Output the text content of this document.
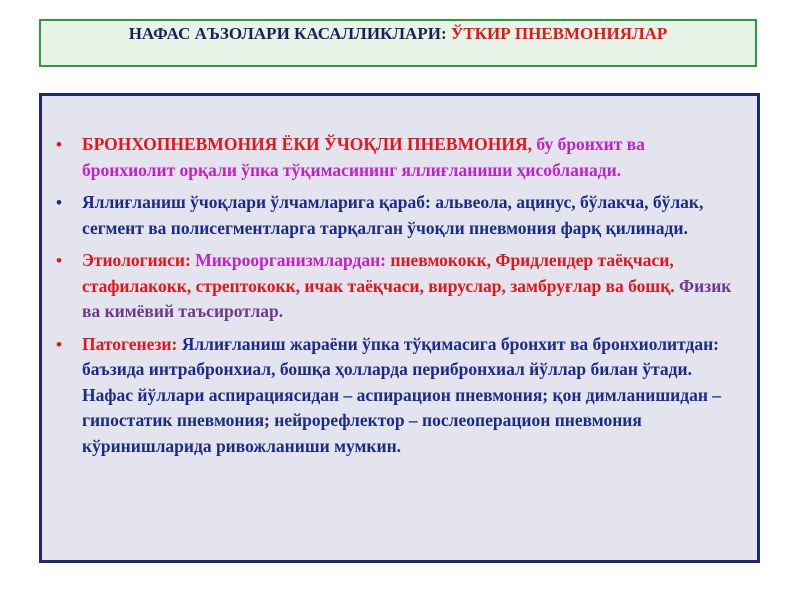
НАФАС АЪЗОЛАРИ КАСАЛЛИКЛАРИ: ЎТКИР ПНЕВМОНИЯЛАР
• БРОНХОПНЕВМОНИЯ ЁКИ ЎЧОҚЛИ ПНЕВМОНИЯ, бу бронхит ва бронхиолит орқали ўпка тўқимасининг яллиғланиши ҳисобланади.
• Яллиғланиш ўчоқлари ўлчамларига қараб: альвеола, ацинус, бўлакча, бўлак, сегмент ва полисегментларга тарқалган ўчоқли пневмония фарқ қилинади.
• Этиологияси: Микроорганизмлардан: пневмококк, Фридлендер таёқчаси, стафилакокк, стрептококк, ичак таёқчаси, вируслар, замбруғлар ва бошқ. Физик ва кимёвий таъсиротлар.
• Патогенези: Яллиғланиш жараёни ўпка тўқимасига бронхит ва бронхиолитдан: баъзида интрабронхиал, бошқа ҳолларда перибронхиал йўллар билан ўтади. Нафас йўллари аспирациясидан – аспирацион пневмония; қон димланишидан – гипостатик пневмония; нейрорефлектор – послеоперацион пневмония кўринишларида ривожланиши мумкин.
